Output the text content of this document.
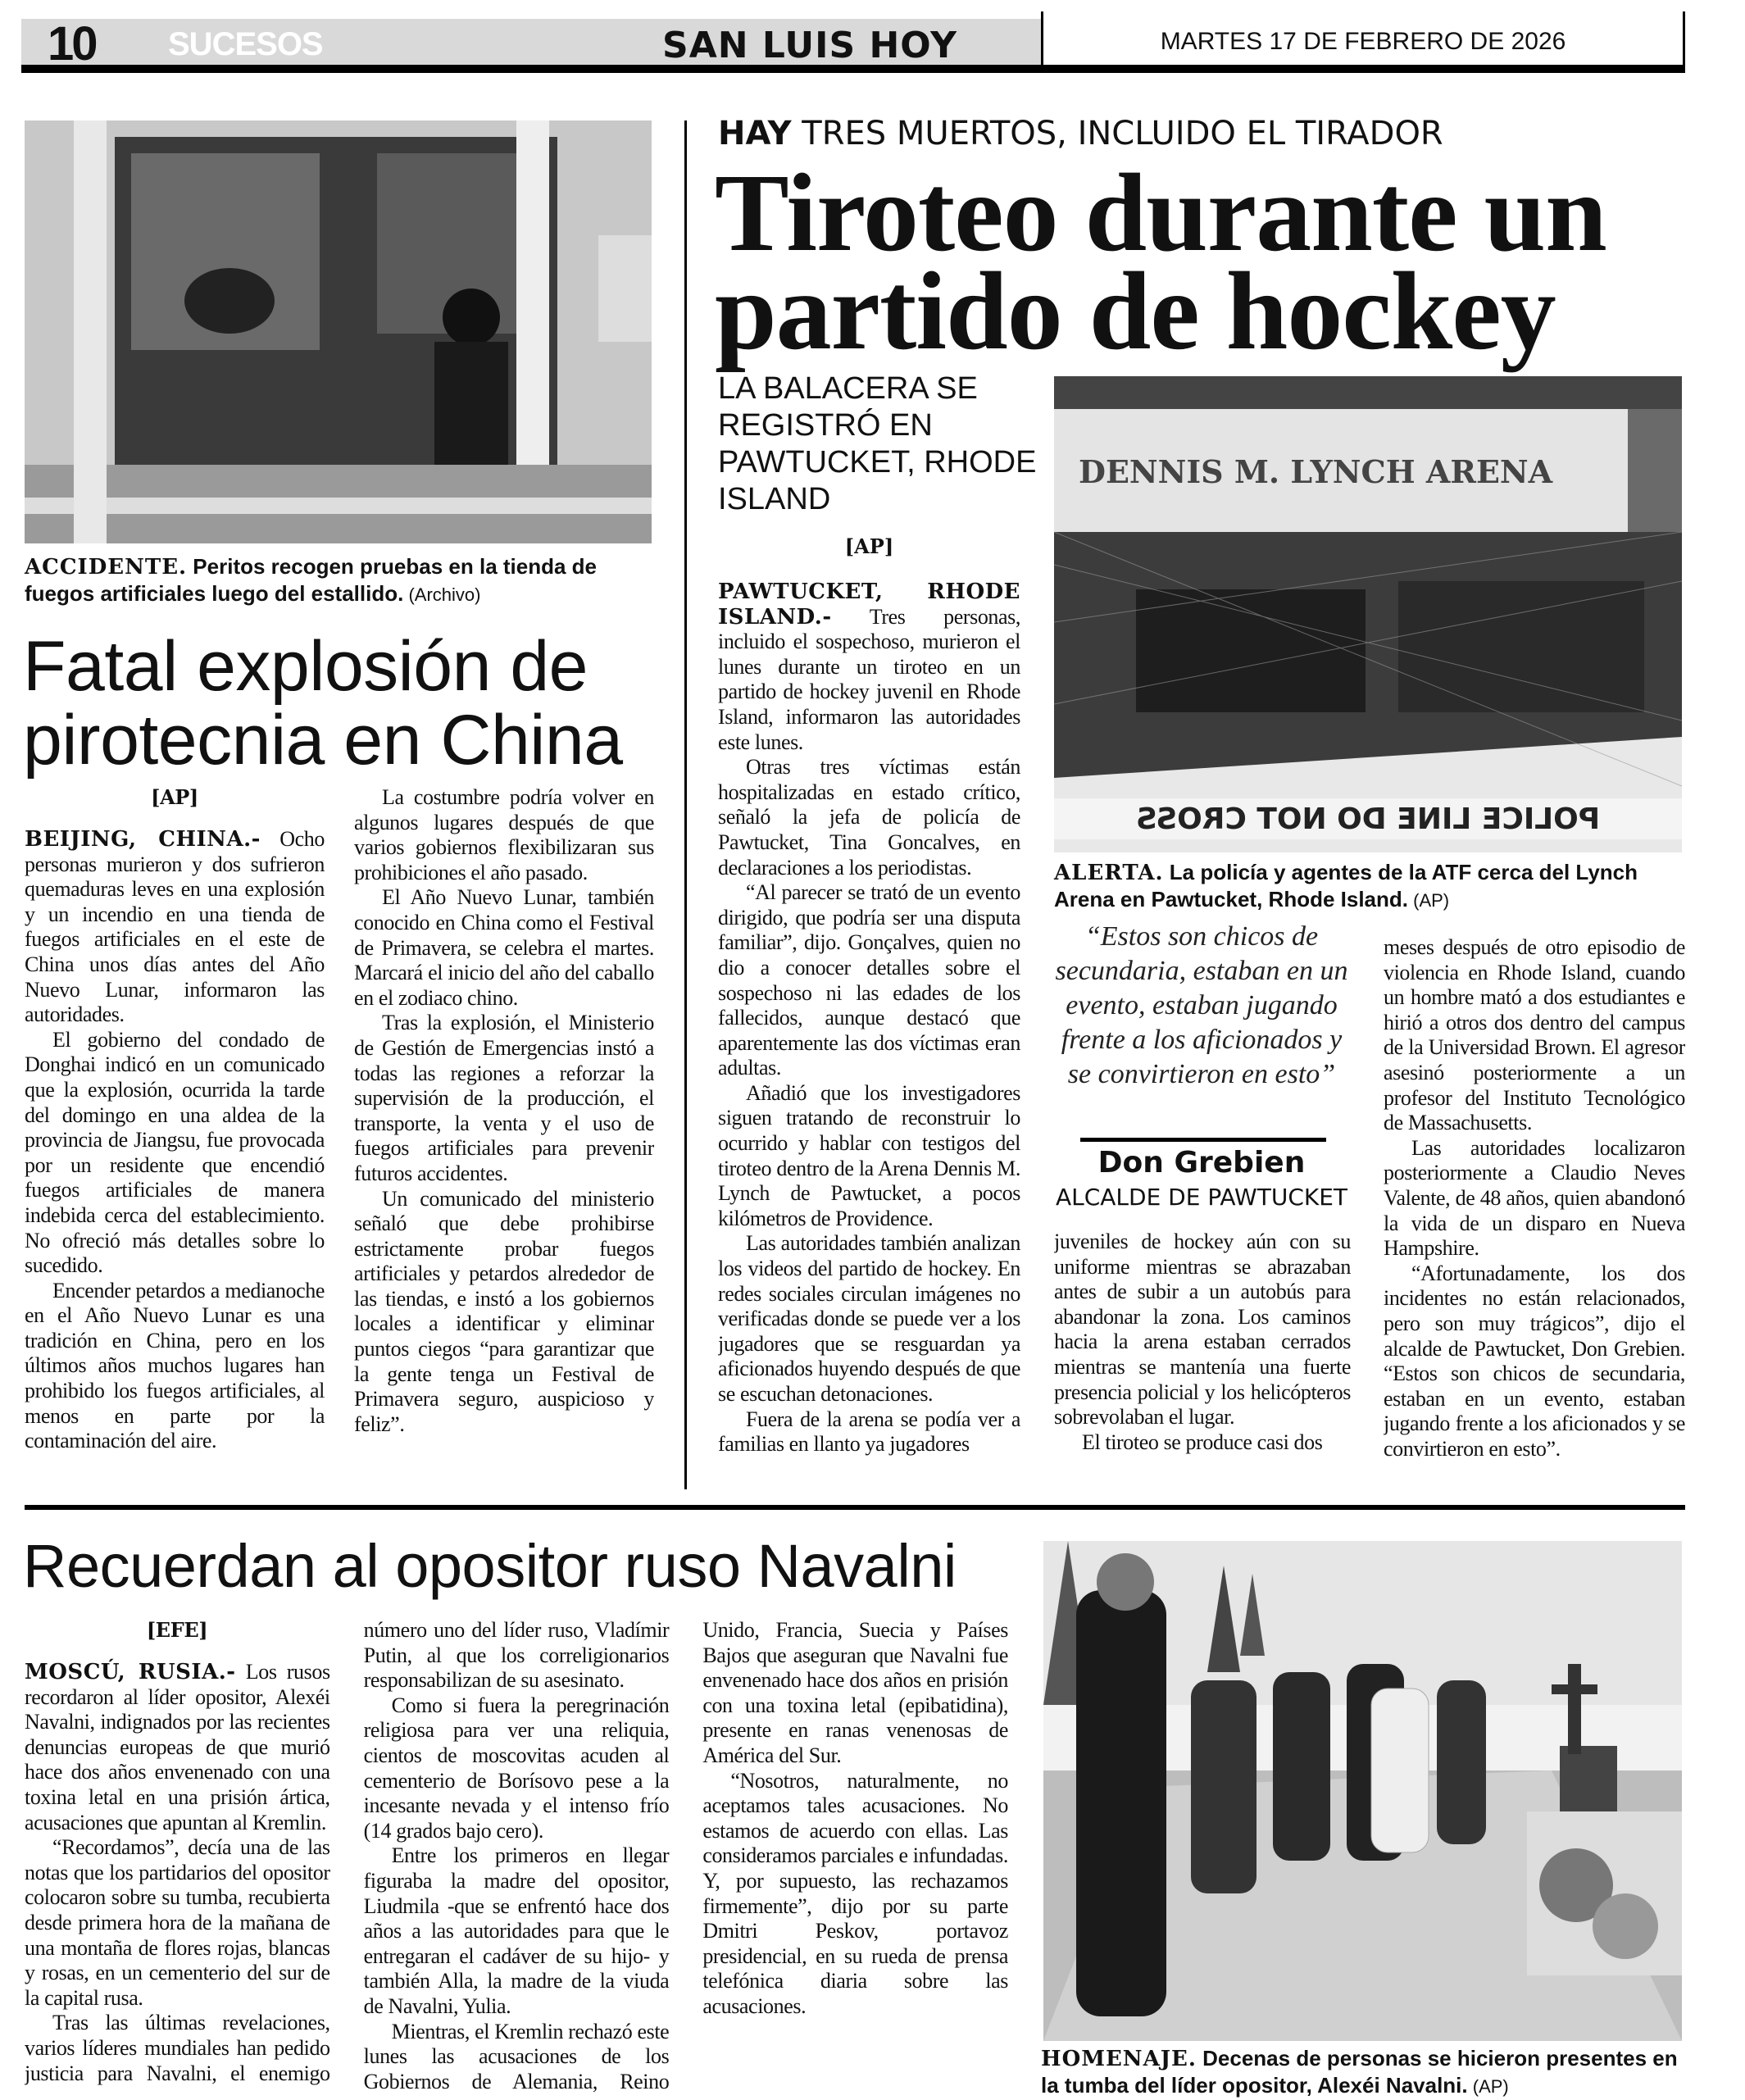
10 SUCESOS	SAN LUIS HOY	MARTES 17 DE FEBRERO DE 2026
ACCIDENTE. Peritos recogen pruebas en la tienda de fuegos artificiales luego del estallido. (Archivo)
Fatal explosión de pirotecnia en China
[AP]

BEIJING, CHINA.- Ocho personas murieron y dos sufrieron quemaduras leves en una explosión y un incendio en una tienda de fuegos artificiales en el este de China unos días antes del Año Nuevo Lunar, informaron las autoridades.

El gobierno del condado de Donghai indicó en un comunicado que la explosión, ocurrida la tarde del domingo en una aldea de la provincia de Jiangsu, fue provocada por un residente que encendió fuegos artificiales de manera indebida cerca del establecimiento. No ofreció más detalles sobre lo sucedido.

Encender petardos a medianoche en el Año Nuevo Lunar es una tradición en China, pero en los últimos años muchos lugares han prohibido los fuegos artificiales, al menos en parte por la contaminación del aire.

La costumbre podría volver en algunos lugares después de que varios gobiernos flexibilizaran sus prohibiciones el año pasado.

El Año Nuevo Lunar, también conocido en China como el Festival de Primavera, se celebra el martes. Marcará el inicio del año del caballo en el zodiaco chino.

Tras la explosión, el Ministerio de Gestión de Emergencias instó a todas las regiones a reforzar la supervisión de la producción, el transporte, la venta y el uso de fuegos artificiales para prevenir futuros accidentes.

Un comunicado del ministerio señaló que debe prohibirse estrictamente probar fuegos artificiales y petardos alrededor de las tiendas, e instó a los gobiernos locales a identificar y eliminar puntos ciegos “para garantizar que la gente tenga un Festival de Primavera seguro, auspicioso y feliz”.

HAY TRES MUERTOS, INCLUIDO EL TIRADOR
Tiroteo durante un partido de hockey
LA BALACERA SE REGISTRÓ EN PAWTUCKET, RHODE ISLAND
[AP]

PAWTUCKET, RHODE ISLAND.- Tres personas, incluido el sospechoso, murieron el lunes durante un tiroteo en un partido de hockey juvenil en Rhode Island, informaron las autoridades este lunes.

Otras tres víctimas están hospitalizadas en estado crítico, señaló la jefa de policía de Pawtucket, Tina Goncalves, en declaraciones a los periodistas.

“Al parecer se trató de un evento dirigido, que podría ser una disputa familiar”, dijo. Gonçalves, quien no dio a conocer detalles sobre el sospechoso ni las edades de los fallecidos, aunque destacó que aparentemente las dos víctimas eran adultas.

Añadió que los investigadores siguen tratando de reconstruir lo ocurrido y hablar con testigos del tiroteo dentro de la Arena Dennis M. Lynch de Pawtucket, a pocos kilómetros de Providence.

Las autoridades también analizan los videos del partido de hockey. En redes sociales circulan imágenes no verificadas donde se puede ver a los jugadores que se resguardan ya aficionados huyendo después de que se escuchan detonaciones.

Fuera de la arena se podía ver a familias en llanto ya jugadores

DENNIS M. LYNCH ARENA
POLICE LINE DO NOT CROSS
ALERTA. La policía y agentes de la ATF cerca del Lynch Arena en Pawtucket, Rhode Island. (AP)
“Estos son chicos de secundaria, estaban en un evento, estaban jugando frente a los aficionados y se convirtieron en esto”
Don Grebien
ALCALDE DE PAWTUCKET

juveniles de hockey aún con su uniforme mientras se abrazaban antes de subir a un autobús para abandonar la zona. Los caminos hacia la arena estaban cerrados mientras se mantenía una fuerte presencia policial y los helicópteros sobrevolaban el lugar.

El tiroteo se produce casi dos

meses después de otro episodio de violencia en Rhode Island, cuando un hombre mató a dos estudiantes e hirió a otros dos dentro del campus de la Universidad Brown. El agresor asesinó posteriormente a un profesor del Instituto Tecnológico de Massachusetts.

Las autoridades localizaron posteriormente a Claudio Neves Valente, de 48 años, quien abandonó la vida de un disparo en Nueva Hampshire.

“Afortunadamente, los dos incidentes no están relacionados, pero son muy trágicos”, dijo el alcalde de Pawtucket, Don Grebien. “Estos son chicos de secundaria, estaban en un evento, estaban jugando frente a los aficionados y se convirtieron en esto”.

Recuerdan al opositor ruso Navalni
[EFE]

MOSCÚ, RUSIA.- Los rusos recordaron al líder opositor, Alexéi Navalni, indignados por las recientes denuncias europeas de que murió hace dos años envenenado con una toxina letal en una prisión ártica, acusaciones que apuntan al Kremlin.

“Recordamos”, decía una de las notas que los partidarios del opositor colocaron sobre su tumba, recubierta desde primera hora de la mañana de una montaña de flores rojas, blancas y rosas, en un cementerio del sur de la capital rusa.

Tras las últimas revelaciones, varios líderes mundiales han pedido justicia para Navalni, el enemigo número uno del líder ruso, Vladímir Putin, al que los correligionarios responsabilizan de su asesinato.

Como si fuera la peregrinación religiosa para ver una reliquia, cientos de moscovitas acuden al cementerio de Borísovo pese a la incesante nevada y el intenso frío (14 grados bajo cero).

Entre los primeros en llegar figuraba la madre del opositor, Liudmila -que se enfrentó hace dos años a las autoridades para que le entregaran el cadáver de su hijo- y también Alla, la madre de la viuda de Navalni, Yulia.

Mientras, el Kremlin rechazó este lunes las acusaciones de los Gobiernos de Alemania, Reino Unido, Francia, Suecia y Países Bajos que aseguran que Navalni fue envenenado hace dos años en prisión con una toxina letal (epibatidina), presente en ranas venenosas de América del Sur.

“Nosotros, naturalmente, no aceptamos tales acusaciones. No estamos de acuerdo con ellas. Las consideramos parciales e infundadas. Y, por supuesto, las rechazamos firmemente”, dijo por su parte Dmitri Peskov, portavoz presidencial, en su rueda de prensa telefónica diaria sobre las acusaciones.

HOMENAJE. Decenas de personas se hicieron presentes en la tumba del líder opositor, Alexéi Navalni. (AP)
